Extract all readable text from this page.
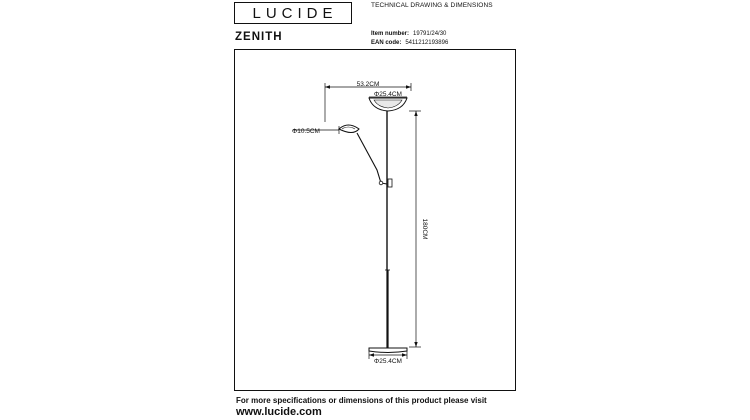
LUCIDE	TECHNICAL DRAWING & DIMENSIONS
ZENITH	Item number: 19791/24/30
EAN code: 5411212193896
53.2CM
Φ25.4CM
Φ10.5CM
180CM
Φ25.4CM
For more specifications or dimensions of this product please visit
www.lucide.com
